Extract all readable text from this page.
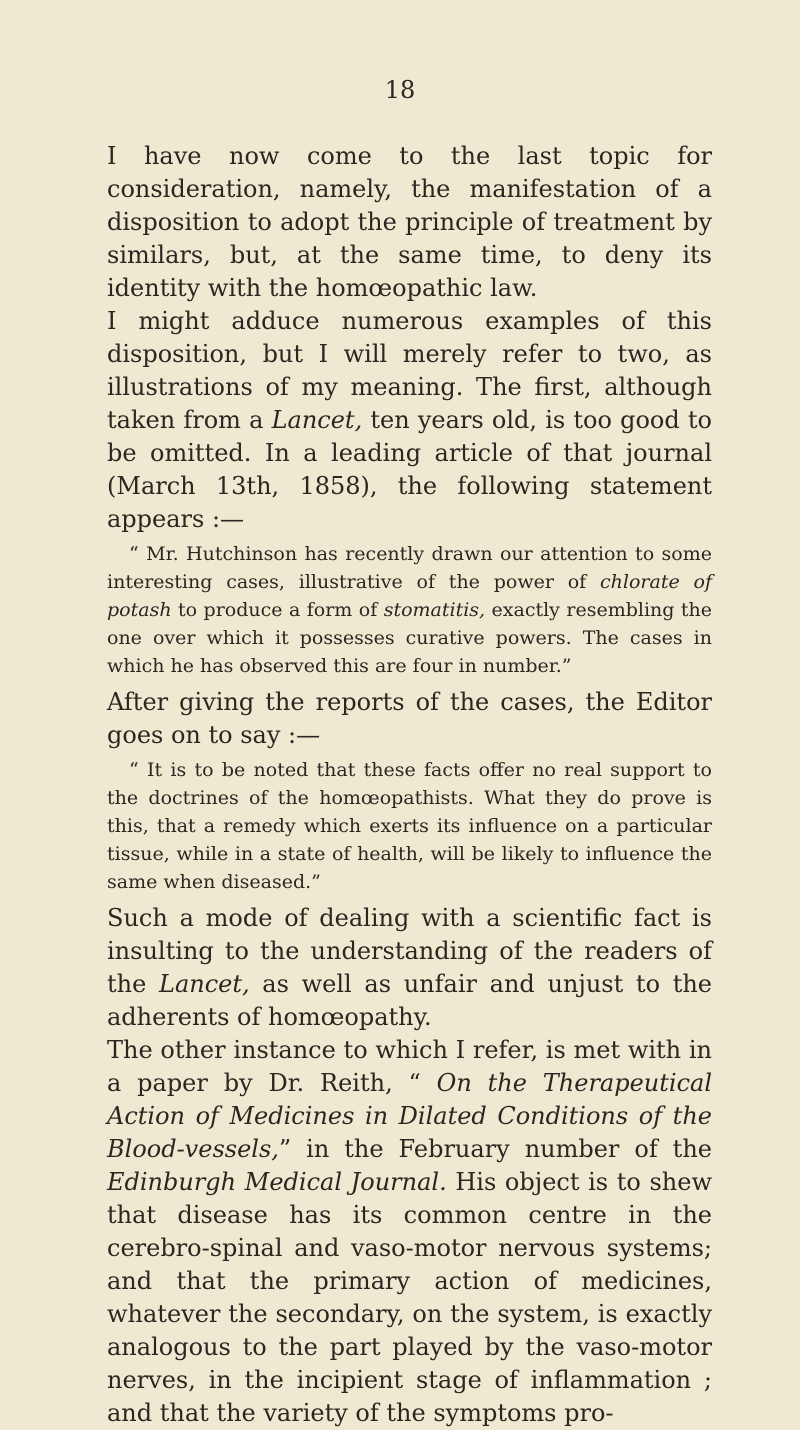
18

I have now come to the last topic for consideration, namely, the manifestation of a disposition to adopt the principle of treatment by similars, but, at the same time, to deny its identity with the homœopathic law.

I might adduce numerous examples of this disposition, but I will merely refer to two, as illustrations of my meaning. The first, although taken from a Lancet, ten years old, is too good to be omitted. In a leading article of that journal (March 13th, 1858), the following statement appears :—

“ Mr. Hutchinson has recently drawn our attention to some interesting cases, illustrative of the power of chlorate of potash to produce a form of stomatitis, exactly resembling the one over which it possesses curative powers. The cases in which he has observed this are four in number.”

After giving the reports of the cases, the Editor goes on to say :—

“ It is to be noted that these facts offer no real support to the doctrines of the homœopathists. What they do prove is this, that a remedy which exerts its influence on a particular tissue, while in a state of health, will be likely to influence the same when diseased.”

Such a mode of dealing with a scientific fact is insulting to the understanding of the readers of the Lancet, as well as unfair and unjust to the adherents of homœopathy.

The other instance to which I refer, is met with in a paper by Dr. Reith, “ On the Therapeutical Action of Medicines in Dilated Conditions of the Blood-vessels,” in the February number of the Edinburgh Medical Journal. His object is to shew that disease has its common centre in the cerebro-spinal and vaso-motor nervous systems; and that the primary action of medicines, whatever the secondary, on the system, is exactly analogous to the part played by the vaso-motor nerves, in the incipient stage of inflammation ; and that the variety of the symptoms pro-
